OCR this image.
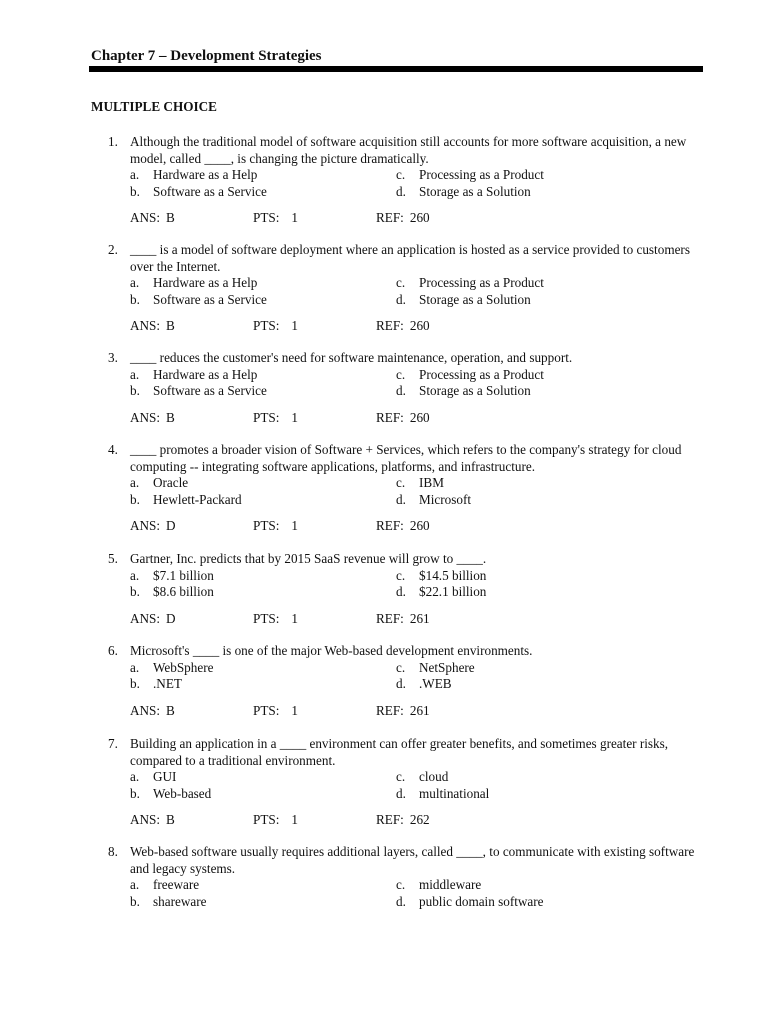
Chapter 7 – Development Strategies
MULTIPLE CHOICE
1. Although the traditional model of software acquisition still accounts for more software acquisition, a new model, called ____, is changing the picture dramatically.

a. Hardware as a Help
b. Software as a Service
c. Processing as a Product
d. Storage as a Solution
ANS: B	PTS: 1	REF: 260
2. ____ is a model of software deployment where an application is hosted as a service provided to customers over the Internet.

a. Hardware as a Help
b. Software as a Service
c. Processing as a Product
d. Storage as a Solution
ANS: B	PTS: 1	REF: 260
3. ____ reduces the customer's need for software maintenance, operation, and support.

a. Hardware as a Help
b. Software as a Service
c. Processing as a Product
d. Storage as a Solution
ANS: B	PTS: 1	REF: 260
4. ____ promotes a broader vision of Software + Services, which refers to the company's strategy for cloud computing -- integrating software applications, platforms, and infrastructure.

a. Oracle
b. Hewlett-Packard
c. IBM
d. Microsoft
ANS: D	PTS: 1	REF: 260
5. Gartner, Inc. predicts that by 2015 SaaS revenue will grow to ____.

a. $7.1 billion
b. $8.6 billion
c. $14.5 billion
d. $22.1 billion
ANS: D	PTS: 1	REF: 261
6. Microsoft's ____ is one of the major Web-based development environments.

a. WebSphere
b. .NET
c. NetSphere
d. .WEB
ANS: B	PTS: 1	REF: 261
7. Building an application in a ____ environment can offer greater benefits, and sometimes greater risks, compared to a traditional environment.

a. GUI
b. Web-based
c. cloud
d. multinational
ANS: B	PTS: 1	REF: 262
8. Web-based software usually requires additional layers, called ____, to communicate with existing software and legacy systems.

a. freeware
b. shareware
c. middleware
d. public domain software
